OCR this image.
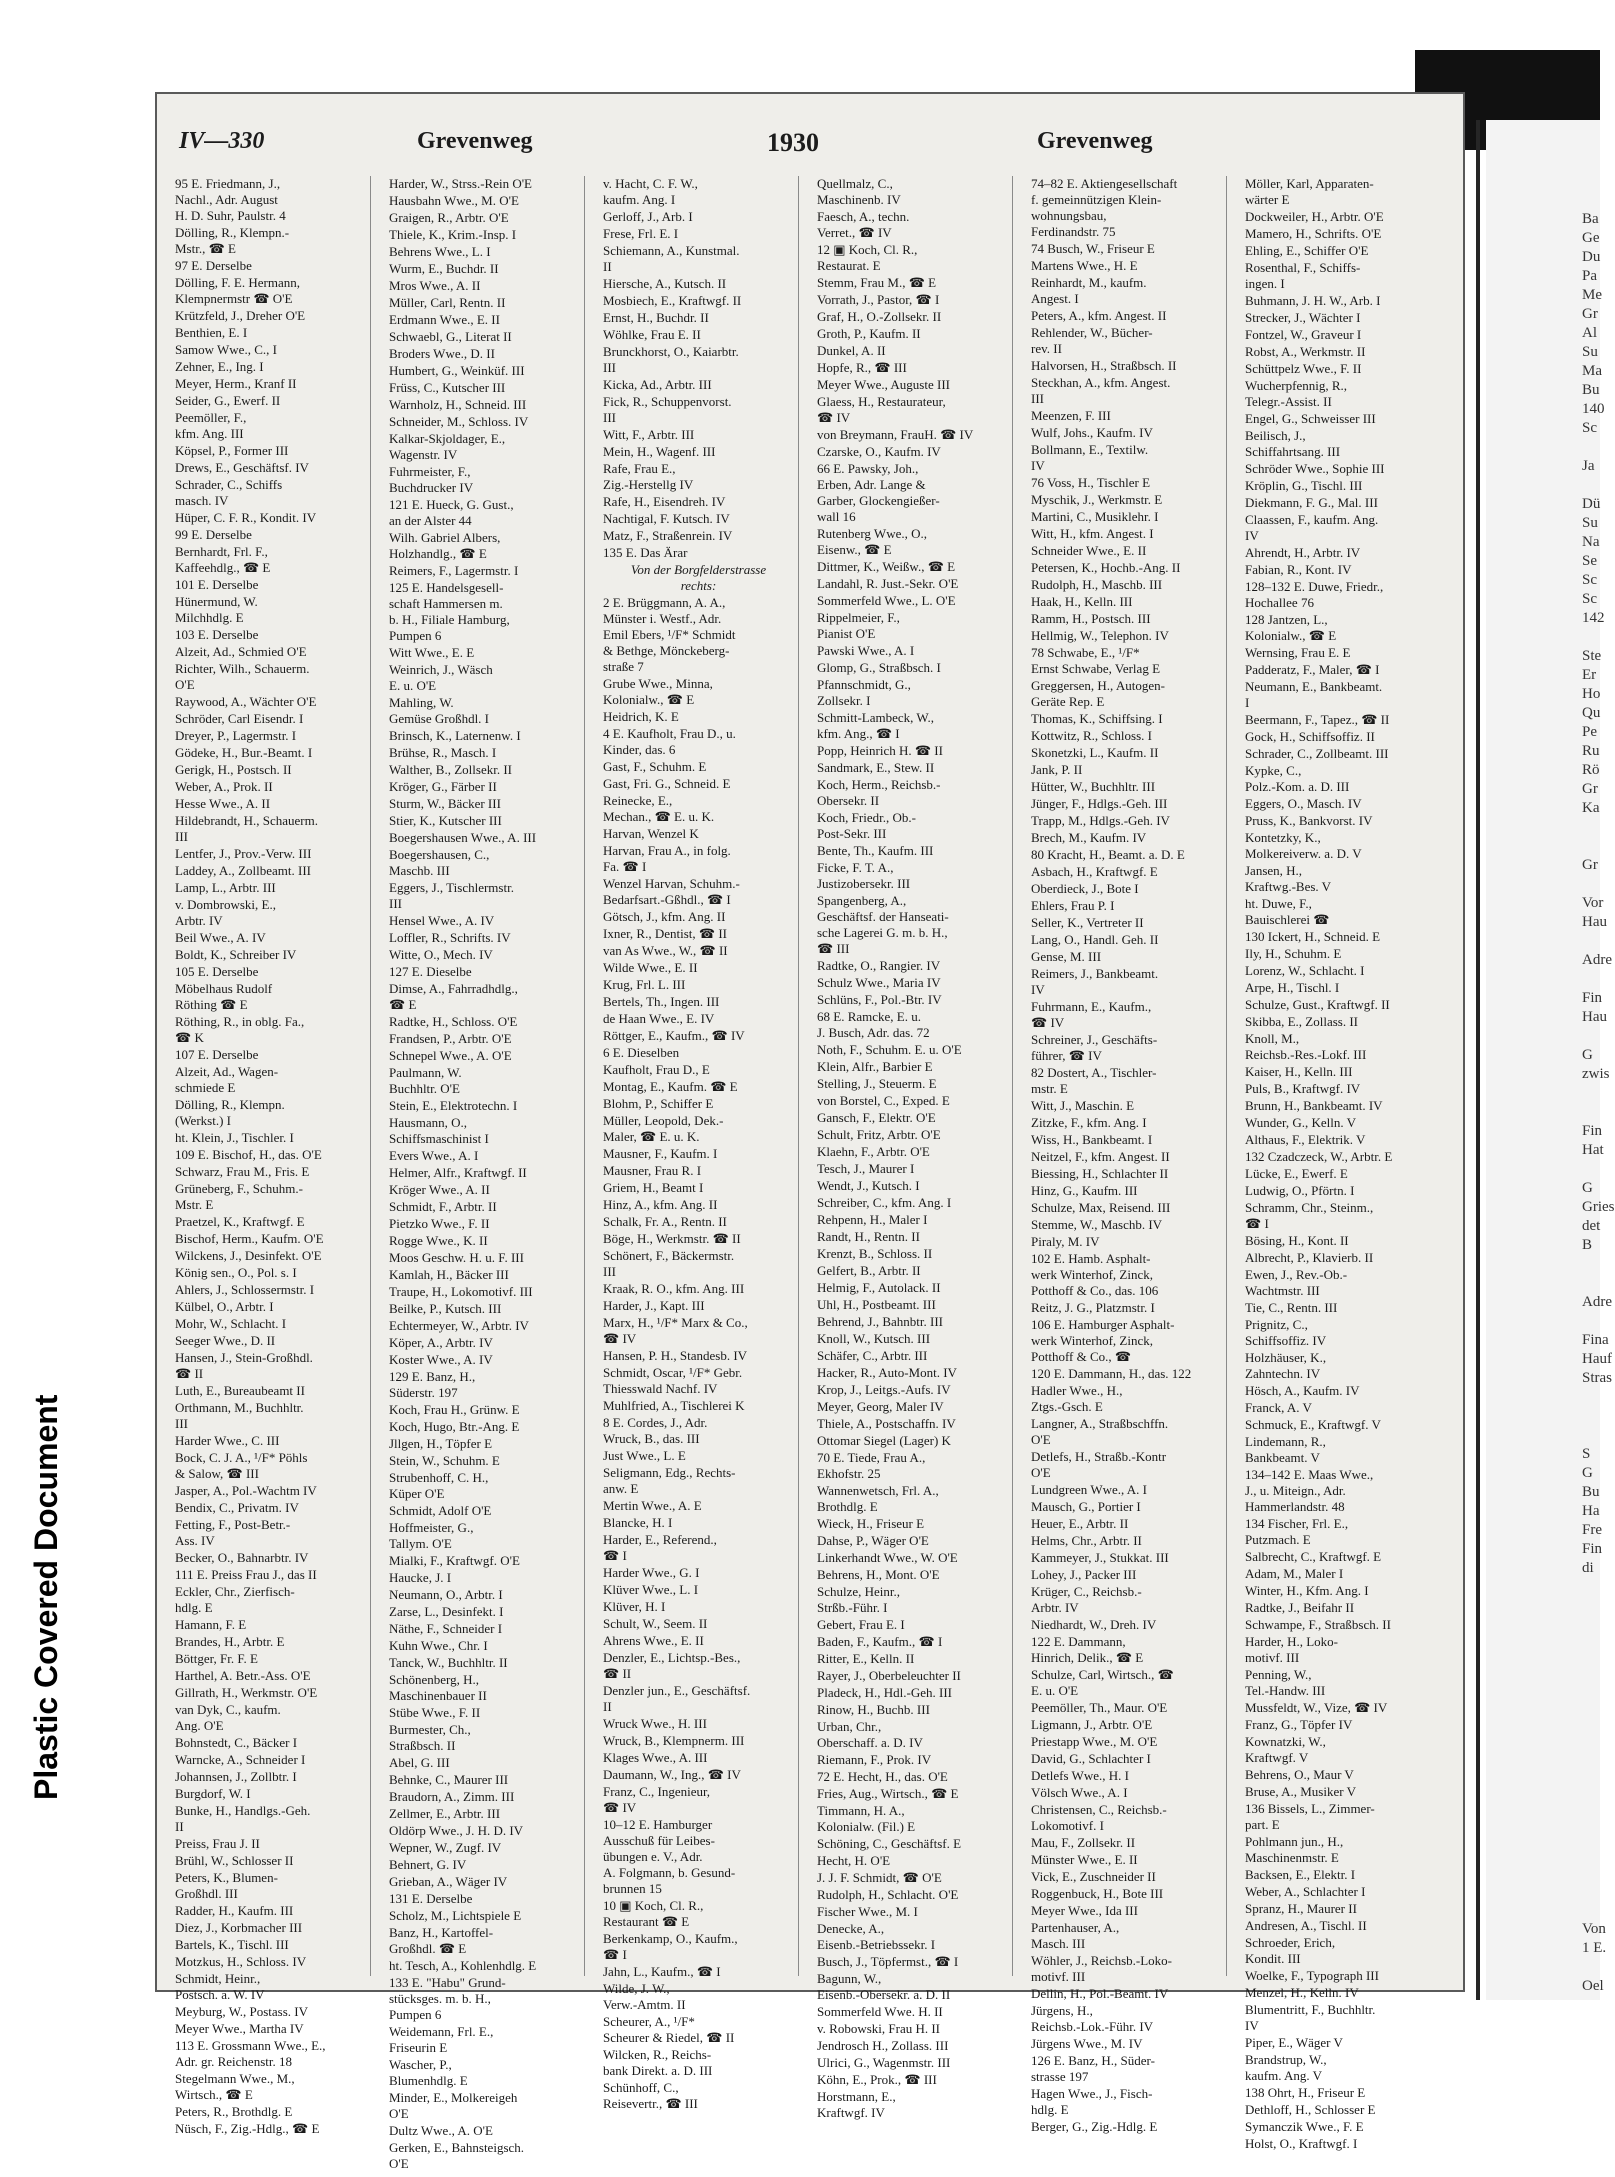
Ba
Ge
Du
Pa
Me
Gr
Al
Su
Ma
Bu
140
Sc

Ja

Dü
Su
Na
Se
Sc
Sc
142

Ste
Er
Ho
Qu
Pe
Ru
Rö
Gr
Ka

Gr

Vor
Hau

Adre

Fin
Hau

G
zwis

Fin
Hat

G
Gries
det
B

Adre

Fina
Hauf
Stras

S
G
Bu
Ha
Fre
Fin
di

Von
1 E.

Oel
Plastic Covered Document
IV—330	Grevenweg	1930	Grevenweg
95 E. Friedmann, J.,
Nachl., Adr. August
H. D. Suhr, Paulstr. 4
Dölling, R., Klempn.-
Mstr., ☎ E
97 E. Derselbe
Dölling, F. E. Hermann,
Klempnermstr ☎ O'E
Krützfeld, J., Dreher O'E
Benthien, E. I
Samow Wwe., C., I
Zehner, E., Ing. I
Meyer, Herm., Kranf II
Seider, G., Ewerf. II
Peemöller, F.,
kfm. Ang. III
Köpsel, P., Former III
Drews, E., Geschäftsf. IV
Schrader, C., Schiffs
masch. IV
Hüper, C. F. R., Kondit. IV
99 E. Derselbe
Bernhardt, Frl. F.,
Kaffeehdlg., ☎ E
101 E. Derselbe
Hünermund, W.
Milchhdlg. E
103 E. Derselbe
Alzeit, Ad., Schmied O'E
Richter, Wilh., Schauerm.
O'E
Raywood, A., Wächter O'E
Schröder, Carl Eisendr. I
Dreyer, P., Lagermstr. I
Gödeke, H., Bur.-Beamt. I
Gerigk, H., Postsch. II
Weber, A., Prok. II
Hesse Wwe., A. II
Hildebrandt, H., Schauerm.
III
Lentfer, J., Prov.-Verw. III
Laddey, A., Zollbeamt. III
Lamp, L., Arbtr. III
v. Dombrowski, E.,
Arbtr. IV
Beil Wwe., A. IV
Boldt, K., Schreiber IV
105 E. Derselbe
Möbelhaus Rudolf
Röthing ☎ E
Röthing, R., in oblg. Fa.,
☎ K
107 E. Derselbe
Alzeit, Ad., Wagen-
schmiede E
Dölling, R., Klempn.
(Werkst.) I
ht. Klein, J., Tischler. I
109 E. Bischof, H., das. O'E
Schwarz, Frau M., Fris. E
Grüneberg, F., Schuhm.-
Mstr. E
Praetzel, K., Kraftwgf. E
Bischof, Herm., Kaufm. O'E
Wilckens, J., Desinfekt. O'E
König sen., O., Pol. s. I
Ahlers, J., Schlossermstr. I
Külbel, O., Arbtr. I
Mohr, W., Schlacht. I
Seeger Wwe., D. II
Hansen, J., Stein-Großhdl.
☎ II
Luth, E., Bureaubeamt II
Orthmann, M., Buchhltr.
III
Harder Wwe., C. III
Bock, C. J. A., ¹/F* Pöhls
& Salow, ☎ III
Jasper, A., Pol.-Wachtm IV
Bendix, C., Privatm. IV
Fetting, F., Post-Betr.-
Ass. IV
Becker, O., Bahnarbtr. IV
111 E. Preiss Frau J., das II
Eckler, Chr., Zierfisch-
hdlg. E
Hamann, F. E
Brandes, H., Arbtr. E
Böttger, Fr. F. E
Harthel, A. Betr.-Ass. O'E
Gillrath, H., Werkmstr. O'E
van Dyk, C., kaufm.
Ang. O'E
Bohnstedt, C., Bäcker I
Warncke, A., Schneider I
Johannsen, J., Zollbtr. I
Burgdorf, W. I
Bunke, H., Handlgs.-Geh.
II
Preiss, Frau J. II
Brühl, W., Schlosser II
Peters, K., Blumen-
Großhdl. III
Radder, H., Kaufm. III
Diez, J., Korbmacher III
Bartels, K., Tischl. III
Motzkus, H., Schloss. IV
Schmidt, Heinr.,
Postsch. a. W. IV
Meyburg, W., Postass. IV
Meyer Wwe., Martha IV
113 E. Grossmann Wwe., E.,
Adr. gr. Reichenstr. 18
Stegelmann Wwe., M.,
Wirtsch., ☎ E
Peters, R., Brothdlg. E
Nüsch, F., Zig.-Hdlg., ☎ E
Harder, W., Strss.-Rein O'E
Hausbahn Wwe., M. O'E
Graigen, R., Arbtr. O'E
Thiele, K., Krim.-Insp. I
Behrens Wwe., L. I
Wurm, E., Buchdr. II
Mros Wwe., A. II
Müller, Carl, Rentn. II
Erdmann Wwe., E. II
Schwaebl, G., Literat II
Broders Wwe., D. II
Humbert, G., Weinküf. III
Früss, C., Kutscher III
Warnholz, H., Schneid. III
Schneider, M., Schloss. IV
Kalkar-Skjoldager, E.,
Wagenstr. IV
Fuhrmeister, F.,
Buchdrucker IV
121 E. Hueck, G. Gust.,
an der Alster 44
Wilh. Gabriel Albers,
Holzhandlg., ☎ E
Reimers, F., Lagermstr. I
125 E. Handelsgesell-
schaft Hammersen m.
b. H., Filiale Hamburg,
Pumpen 6
Witt Wwe., E. E
Weinrich, J., Wäsch
E. u. O'E
Mahling, W.
Gemüse Großhdl. I
Brinsch, K., Laternenw. I
Brühse, R., Masch. I
Walther, B., Zollsekr. II
Kröger, G., Färber II
Sturm, W., Bäcker III
Stier, K., Kutscher III
Boegershausen Wwe., A. III
Boegershausen, C.,
Maschb. III
Eggers, J., Tischlermstr.
III
Hensel Wwe., A. IV
Loffler, R., Schrifts. IV
Witte, O., Mech. IV
127 E. Dieselbe
Dimse, A., Fahrradhdlg.,
☎ E
Radtke, H., Schloss. O'E
Frandsen, P., Arbtr. O'E
Schnepel Wwe., A. O'E
Paulmann, W.
Buchhltr. O'E
Stein, E., Elektrotechn. I
Hausmann, O.,
Schiffsmaschinist I
Evers Wwe., A. I
Helmer, Alfr., Kraftwgf. II
Kröger Wwe., A. II
Schmidt, F., Arbtr. II
Pietzko Wwe., F. II
Rogge Wwe., K. II
Moos Geschw. H. u. F. III
Kamlah, H., Bäcker III
Traupe, H., Lokomotivf. III
Beilke, P., Kutsch. III
Echtermeyer, W., Arbtr. IV
Köper, A., Arbtr. IV
Koster Wwe., A. IV
129 E. Banz, H.,
Süderstr. 197
Koch, Frau H., Grünw. E
Koch, Hugo, Btr.-Ang. E
Jllgen, H., Töpfer E
Stein, W., Schuhm. E
Strubenhoff, C. H.,
Küper O'E
Schmidt, Adolf O'E
Hoffmeister, G.,
Tallym. O'E
Mialki, F., Kraftwgf. O'E
Haucke, J. I
Neumann, O., Arbtr. I
Zarse, L., Desinfekt. I
Näthe, F., Schneider I
Kuhn Wwe., Chr. I
Tanck, W., Buchhltr. II
Schönenberg, H.,
Maschinenbauer II
Stübe Wwe., F. II
Burmester, Ch.,
Straßbsch. II
Abel, G. III
Behnke, C., Maurer III
Braudorn, A., Zimm. III
Zellmer, E., Arbtr. III
Oldörp Wwe., J. H. D. IV
Wepner, W., Zugf. IV
Behnert, G. IV
Grieban, A., Wäger IV
131 E. Derselbe
Scholz, M., Lichtspiele E
Banz, H., Kartoffel-
Großhdl. ☎ E
ht. Tesch, A., Kohlenhdlg. E
133 E. "Habu" Grund-
stücksges. m. b. H.,
Pumpen 6
Weidemann, Frl. E.,
Friseurin E
Wascher, P.,
Blumenhdlg. E
Minder, E., Molkereigeh
O'E
Dultz Wwe., A. O'E
Gerken, E., Bahnsteigsch.
O'E
v. Hacht, C. F. W.,
kaufm. Ang. I
Gerloff, J., Arb. I
Frese, Frl. E. I
Schiemann, A., Kunstmal.
II
Hiersche, A., Kutsch. II
Mosbiech, E., Kraftwgf. II
Ernst, H., Buchdr. II
Wöhlke, Frau E. II
Brunckhorst, O., Kaiarbtr.
III
Kicka, Ad., Arbtr. III
Fick, R., Schuppenvorst.
III
Witt, F., Arbtr. III
Mein, H., Wagenf. III
Rafe, Frau E.,
Zig.-Herstellg IV
Rafe, H., Eisendreh. IV
Nachtigal, F. Kutsch. IV
Matz, F., Straßenrein. IV
135 E. Das Ärar
Von der Borgfelderstrasse
rechts:
2 E. Brüggmann, A. A.,
Münster i. Westf., Adr.
Emil Ebers, ¹/F* Schmidt
& Bethge, Mönckeberg-
straße 7
Grube Wwe., Minna,
Kolonialw., ☎ E
Heidrich, K. E
4 E. Kaufholt, Frau D., u.
Kinder, das. 6
Gast, F., Schuhm. E
Gast, Fri. G., Schneid. E
Reinecke, E.,
Mechan., ☎ E. u. K.
Harvan, Wenzel K
Harvan, Frau A., in folg.
Fa. ☎ I
Wenzel Harvan, Schuhm.-
Bedarfsart.-Gßhdl., ☎ I
Götsch, J., kfm. Ang. II
Ixner, R., Dentist, ☎ II
van As Wwe., W., ☎ II
Wilde Wwe., E. II
Krug, Frl. L. III
Bertels, Th., Ingen. III
de Haan Wwe., E. IV
Röttger, E., Kaufm., ☎ IV
6 E. Dieselben
Kaufholt, Frau D., E
Montag, E., Kaufm. ☎ E
Blohm, P., Schiffer E
Müller, Leopold, Dek.-
Maler, ☎ E. u. K.
Mausner, F., Kaufm. I
Mausner, Frau R. I
Griem, H., Beamt I
Hinz, A., kfm. Ang. II
Schalk, Fr. A., Rentn. II
Böge, H., Werkmstr. ☎ II
Schönert, F., Bäckermstr.
III
Kraak, R. O., kfm. Ang. III
Harder, J., Kapt. III
Marx, H., ¹/F* Marx & Co.,
☎ IV
Hansen, P. H., Standesb. IV
Schmidt, Oscar, ¹/F* Gebr.
Thiesswald Nachf. IV
Muhlfried, A., Tischlerei K
8 E. Cordes, J., Adr.
Wruck, B., das. III
Just Wwe., L. E
Seligmann, Edg., Rechts-
anw. E
Mertin Wwe., A. E
Blancke, H. I
Harder, E., Referend.,
☎ I
Harder Wwe., G. I
Klüver Wwe., L. I
Klüver, H. I
Schult, W., Seem. II
Ahrens Wwe., E. II
Denzler, E., Lichtsp.-Bes.,
☎ II
Denzler jun., E., Geschäftsf.
II
Wruck Wwe., H. III
Wruck, B., Klempnerm. III
Klages Wwe., A. III
Daumann, W., Ing., ☎ IV
Franz, C., Ingenieur,
☎ IV
10–12 E. Hamburger
Ausschuß für Leibes-
übungen e. V., Adr.
A. Folgmann, b. Gesund-
brunnen 15
10 ▣ Koch, Cl. R.,
Restaurant ☎ E
Berkenkamp, O., Kaufm.,
☎ I
Jahn, L., Kaufm., ☎ I
Wilde, J. W.,
Verw.-Amtm. II
Scheurer, A., ¹/F*
Scheurer & Riedel, ☎ II
Wilcken, R., Reichs-
bank Direkt. a. D. III
Schünhoff, C.,
Reisevertr., ☎ III
Quellmalz, C.,
Maschinenb. IV
Faesch, A., techn.
Verret., ☎ IV
12 ▣ Koch, Cl. R.,
Restaurat. E
Stemm, Frau M., ☎ E
Vorrath, J., Pastor, ☎ I
Graf, H., O.-Zollsekr. II
Groth, P., Kaufm. II
Dunkel, A. II
Hopfe, R., ☎ III
Meyer Wwe., Auguste III
Glaess, H., Restaurateur,
☎ IV
von Breymann, FrauH. ☎ IV
Czarske, O., Kaufm. IV
66 E. Pawsky, Joh.,
Erben, Adr. Lange &
Garber, Glockengießer-
wall 16
Rutenberg Wwe., O.,
Eisenw., ☎ E
Dittmer, K., Weißw., ☎ E
Landahl, R. Just.-Sekr. O'E
Sommerfeld Wwe., L. O'E
Rippelmeier, F.,
Pianist O'E
Pawski Wwe., A. I
Glomp, G., Straßbsch. I
Pfannschmidt, G.,
Zollsekr. I
Schmitt-Lambeck, W.,
kfm. Ang., ☎ I
Popp, Heinrich H. ☎ II
Sandmark, E., Stew. II
Koch, Herm., Reichsb.-
Obersekr. II
Koch, Friedr., Ob.-
Post-Sekr. III
Bente, Th., Kaufm. III
Ficke, F. T. A.,
Justizobersekr. III
Spangenberg, A.,
Geschäftsf. der Hanseati-
sche Lagerei G. m. b. H.,
☎ III
Radtke, O., Rangier. IV
Schulz Wwe., Maria IV
Schlüns, F., Pol.-Btr. IV
68 E. Ramcke, E. u.
J. Busch, Adr. das. 72
Noth, F., Schuhm. E. u. O'E
Klein, Alfr., Barbier E
Stelling, J., Steuerm. E
von Borstel, C., Exped. E
Gansch, F., Elektr. O'E
Schult, Fritz, Arbtr. O'E
Klaehn, F., Arbtr. O'E
Tesch, J., Maurer I
Wendt, J., Kutsch. I
Schreiber, C., kfm. Ang. I
Rehpenn, H., Maler I
Randt, H., Rentn. II
Krenzt, B., Schloss. II
Gelfert, B., Arbtr. II
Helmig, F., Autolack. II
Uhl, H., Postbeamt. III
Behrend, J., Bahnbtr. III
Knoll, W., Kutsch. III
Schäfer, C., Arbtr. III
Hacker, R., Auto-Mont. IV
Krop, J., Leitgs.-Aufs. IV
Meyer, Georg, Maler IV
Thiele, A., Postschaffn. IV
Ottomar Siegel (Lager) K
70 E. Tiede, Frau A.,
Ekhofstr. 25
Wannenwetsch, Frl. A.,
Brothdlg. E
Wieck, H., Friseur E
Dahse, P., Wäger O'E
Linkerhandt Wwe., W. O'E
Behrens, H., Mont. O'E
Schulze, Heinr.,
Strßb.-Führ. I
Gebert, Frau E. I
Baden, F., Kaufm., ☎ I
Ritter, E., Kelln. II
Rayer, J., Oberbeleuchter II
Pladeck, H., Hdl.-Geh. III
Rinow, H., Buchb. III
Urban, Chr.,
Oberschaff. a. D. IV
Riemann, F., Prok. IV
72 E. Hecht, H., das. O'E
Fries, Aug., Wirtsch., ☎ E
Timmann, H. A.,
Kolonialw. (Fil.) E
Schöning, C., Geschäftsf. E
Hecht, H. O'E
J. J. F. Schmidt, ☎ O'E
Rudolph, H., Schlacht. O'E
Fischer Wwe., M. I
Denecke, A.,
Eisenb.-Betriebssekr. I
Busch, J., Töpfermst., ☎ I
Bagunn, W.,
Eisenb.-Obersekr. a. D. II
Sommerfeld Wwe. H. II
v. Robowski, Frau H. II
Jendrosch H., Zollass. III
Ulrici, G., Wagenmstr. III
Köhn, E., Prok., ☎ III
Horstmann, E.,
Kraftwgf. IV
74–82 E. Aktiengesellschaft
f. gemeinnützigen Klein-
wohnungsbau,
Ferdinandstr. 75
74 Busch, W., Friseur E
Martens Wwe., H. E
Reinhardt, M., kaufm.
Angest. I
Peters, A., kfm. Angest. II
Rehlender, W., Bücher-
rev. II
Halvorsen, H., Straßbsch. II
Steckhan, A., kfm. Angest.
III
Meenzen, F. III
Wulf, Johs., Kaufm. IV
Bollmann, E., Textilw.
IV
76 Voss, H., Tischler E
Myschik, J., Werkmstr. E
Martini, C., Musiklehr. I
Witt, H., kfm. Angest. I
Schneider Wwe., E. II
Petersen, K., Hochb.-Ang. II
Rudolph, H., Maschb. III
Haak, H., Kelln. III
Ramm, H., Postsch. III
Hellmig, W., Telephon. IV
78 Schwabe, E., ¹/F*
Ernst Schwabe, Verlag E
Greggersen, H., Autogen-
Geräte Rep. E
Thomas, K., Schiffsing. I
Kottwitz, R., Schloss. I
Skonetzki, L., Kaufm. II
Jank, P. II
Hütter, W., Buchhltr. III
Jünger, F., Hdlgs.-Geh. III
Trapp, M., Hdlgs.-Geh. IV
Brech, M., Kaufm. IV
80 Kracht, H., Beamt. a. D. E
Asbach, H., Kraftwgf. E
Oberdieck, J., Bote I
Ehlers, Frau P. I
Seller, K., Vertreter II
Lang, O., Handl. Geh. II
Gense, M. III
Reimers, J., Bankbeamt.
IV
Fuhrmann, E., Kaufm.,
☎ IV
Schreiner, J., Geschäfts-
führer, ☎ IV
82 Dostert, A., Tischler-
mstr. E
Witt, J., Maschin. E
Zitzke, F., kfm. Ang. I
Wiss, H., Bankbeamt. I
Neitzel, F., kfm. Angest. II
Biessing, H., Schlachter II
Hinz, G., Kaufm. III
Schulze, Max, Reisend. III
Stemme, W., Maschb. IV
Piraly, M. IV
102 E. Hamb. Asphalt-
werk Winterhof, Zinck,
Potthoff & Co., das. 106
Reitz, J. G., Platzmstr. I
106 E. Hamburger Asphalt-
werk Winterhof, Zinck,
Potthoff & Co., ☎
120 E. Dammann, H., das. 122
Hadler Wwe., H.,
Ztgs.-Gsch. E
Langner, A., Straßbschffn.
O'E
Detlefs, H., Straßb.-Kontr
O'E
Lundgreen Wwe., A. I
Mausch, G., Portier I
Heuer, E., Arbtr. II
Helms, Chr., Arbtr. II
Kammeyer, J., Stukkat. III
Lohey, J., Packer III
Krüger, C., Reichsb.-
Arbtr. IV
Niedhardt, W., Dreh. IV
122 E. Dammann,
Hinrich, Delik., ☎ E
Schulze, Carl, Wirtsch., ☎
E. u. O'E
Peemöller, Th., Maur. O'E
Ligmann, J., Arbtr. O'E
Priestapp Wwe., M. O'E
David, G., Schlachter I
Detlefs Wwe., H. I
Völsch Wwe., A. I
Christensen, C., Reichsb.-
Lokomotivf. I
Mau, F., Zollsekr. II
Münster Wwe., E. II
Vick, E., Zuschneider II
Roggenbuck, H., Bote III
Meyer Wwe., Ida III
Partenhauser, A.,
Masch. III
Wöhler, J., Reichsb.-Loko-
motivf. III
Dellin, H., Pol.-Beamt. IV
Jürgens, H.,
Reichsb.-Lok.-Führ. IV
Jürgens Wwe., M. IV
126 E. Banz, H., Süder-
strasse 197
Hagen Wwe., J., Fisch-
hdlg. E
Berger, G., Zig.-Hdlg. E
Möller, Karl, Apparaten-
wärter E
Dockweiler, H., Arbtr. O'E
Mamero, H., Schrifts. O'E
Ehling, E., Schiffer O'E
Rosenthal, F., Schiffs-
ingen. I
Buhmann, J. H. W., Arb. I
Strecker, J., Wächter I
Fontzel, W., Graveur I
Robst, A., Werkmstr. II
Schüttpelz Wwe., F. II
Wucherpfennig, R.,
Telegr.-Assist. II
Engel, G., Schweisser III
Beilisch, J.,
Schiffahrtsang. III
Schröder Wwe., Sophie III
Kröplin, G., Tischl. III
Diekmann, F. G., Mal. III
Claassen, F., kaufm. Ang.
IV
Ahrendt, H., Arbtr. IV
Fabian, R., Kont. IV
128–132 E. Duwe, Friedr.,
Hochallee 76
128 Jantzen, L.,
Kolonialw., ☎ E
Wernsing, Frau E. E
Padderatz, F., Maler, ☎ I
Neumann, E., Bankbeamt.
I
Beermann, F., Tapez., ☎ II
Gock, H., Schiffsoffiz. II
Schrader, C., Zollbeamt. III
Kypke, C.,
Polz.-Kom. a. D. III
Eggers, O., Masch. IV
Pruss, K., Bankvorst. IV
Kontetzky, K.,
Molkereiverw. a. D. V
Jansen, H.,
Kraftwg.-Bes. V
ht. Duwe, F.,
Bauischlerei ☎
130 Ickert, H., Schneid. E
Ily, H., Schuhm. E
Lorenz, W., Schlacht. I
Arpe, H., Tischl. I
Schulze, Gust., Kraftwgf. II
Skibba, E., Zollass. II
Knoll, M.,
Reichsb.-Res.-Lokf. III
Kaiser, H., Kelln. III
Puls, B., Kraftwgf. IV
Brunn, H., Bankbeamt. IV
Wunder, G., Kelln. V
Althaus, F., Elektrik. V
132 Czadczeck, W., Arbtr. E
Lücke, E., Ewerf. E
Ludwig, O., Pförtn. I
Schramm, Chr., Steinm.,
☎ I
Bösing, H., Kont. II
Albrecht, P., Klavierb. II
Ewen, J., Rev.-Ob.-
Wachtmstr. III
Tie, C., Rentn. III
Prignitz, C.,
Schiffsoffiz. IV
Holzhäuser, K.,
Zahntechn. IV
Hösch, A., Kaufm. IV
Franck, A. V
Schmuck, E., Kraftwgf. V
Lindemann, R.,
Bankbeamt. V
134–142 E. Maas Wwe.,
J., u. Miteign., Adr.
Hammerlandstr. 48
134 Fischer, Frl. E.,
Putzmach. E
Salbrecht, C., Kraftwgf. E
Adam, M., Maler I
Winter, H., Kfm. Ang. I
Radtke, J., Beifahr II
Schwampe, F., Straßbsch. II
Harder, H., Loko-
motivf. III
Penning, W.,
Tel.-Handw. III
Mussfeldt, W., Vize, ☎ IV
Franz, G., Töpfer IV
Kownatzki, W.,
Kraftwgf. V
Behrens, O., Maur V
Bruse, A., Musiker V
136 Bissels, L., Zimmer-
part. E
Pohlmann jun., H.,
Maschinenmstr. E
Backsen, E., Elektr. I
Weber, A., Schlachter I
Spranz, H., Maurer II
Andresen, A., Tischl. II
Schroeder, Erich,
Kondit. III
Woelke, F., Typograph III
Menzel, H., Kelln. IV
Blumentritt, F., Buchhltr.
IV
Piper, E., Wäger V
Brandstrup, W.,
kaufm. Ang. V
138 Ohrt, H., Friseur E
Dethloff, H., Schlosser E
Symanczik Wwe., F. E
Holst, O., Kraftwgf. I
